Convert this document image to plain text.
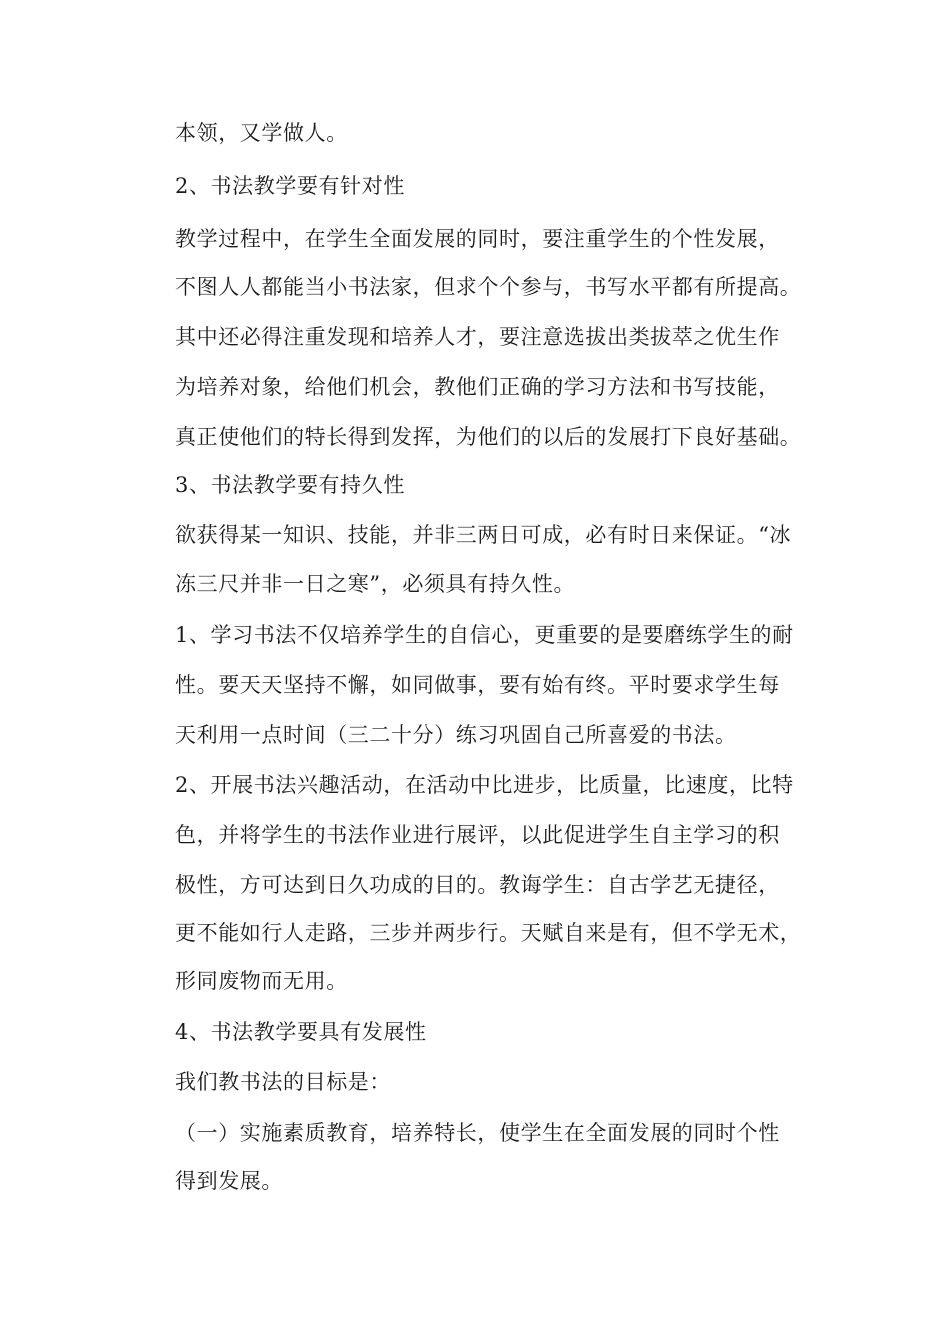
本领，又学做人。
2、书法教学要有针对性
教学过程中，在学生全面发展的同时，要注重学生的个性发展，
不图人人都能当小书法家，但求个个参与，书写水平都有所提高。
其中还必得注重发现和培养人才，要注意选拔出类拔萃之优生作
为培养对象，给他们机会，教他们正确的学习方法和书写技能，
真正使他们的特长得到发挥，为他们的以后的发展打下良好基础。
3、书法教学要有持久性
欲获得某一知识、技能，并非三两日可成，必有时日来保证。“冰
冻三尺并非一日之寒”，必须具有持久性。
1、学习书法不仅培养学生的自信心，更重要的是要磨练学生的耐
性。要天天坚持不懈，如同做事，要有始有终。平时要求学生每
天利用一点时间（三二十分）练习巩固自己所喜爱的书法。
2、开展书法兴趣活动，在活动中比进步，比质量，比速度，比特
色，并将学生的书法作业进行展评，以此促进学生自主学习的积
极性，方可达到日久功成的目的。教诲学生：自古学艺无捷径，
更不能如行人走路，三步并两步行。天赋自来是有，但不学无术，
形同废物而无用。
4、书法教学要具有发展性
我们教书法的目标是：
（一）实施素质教育，培养特长，使学生在全面发展的同时个性
得到发展。
